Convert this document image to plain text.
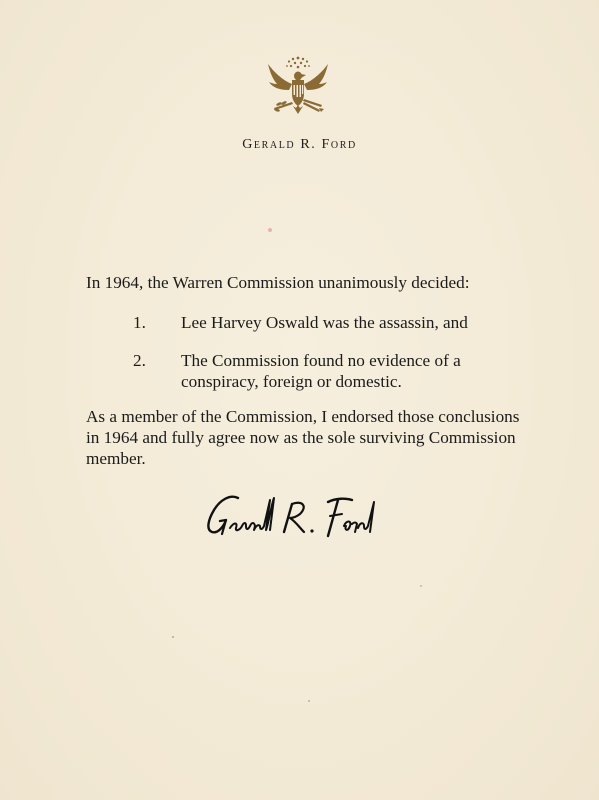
Gerald R. Ford
In 1964, the Warren Commission unanimously decided:
1. Lee Harvey Oswald was the assassin, and
2. The Commission found no evidence of a conspiracy, foreign or domestic.
As a member of the Commission, I endorsed those conclusions in 1964 and fully agree now as the sole surviving Commission member.
